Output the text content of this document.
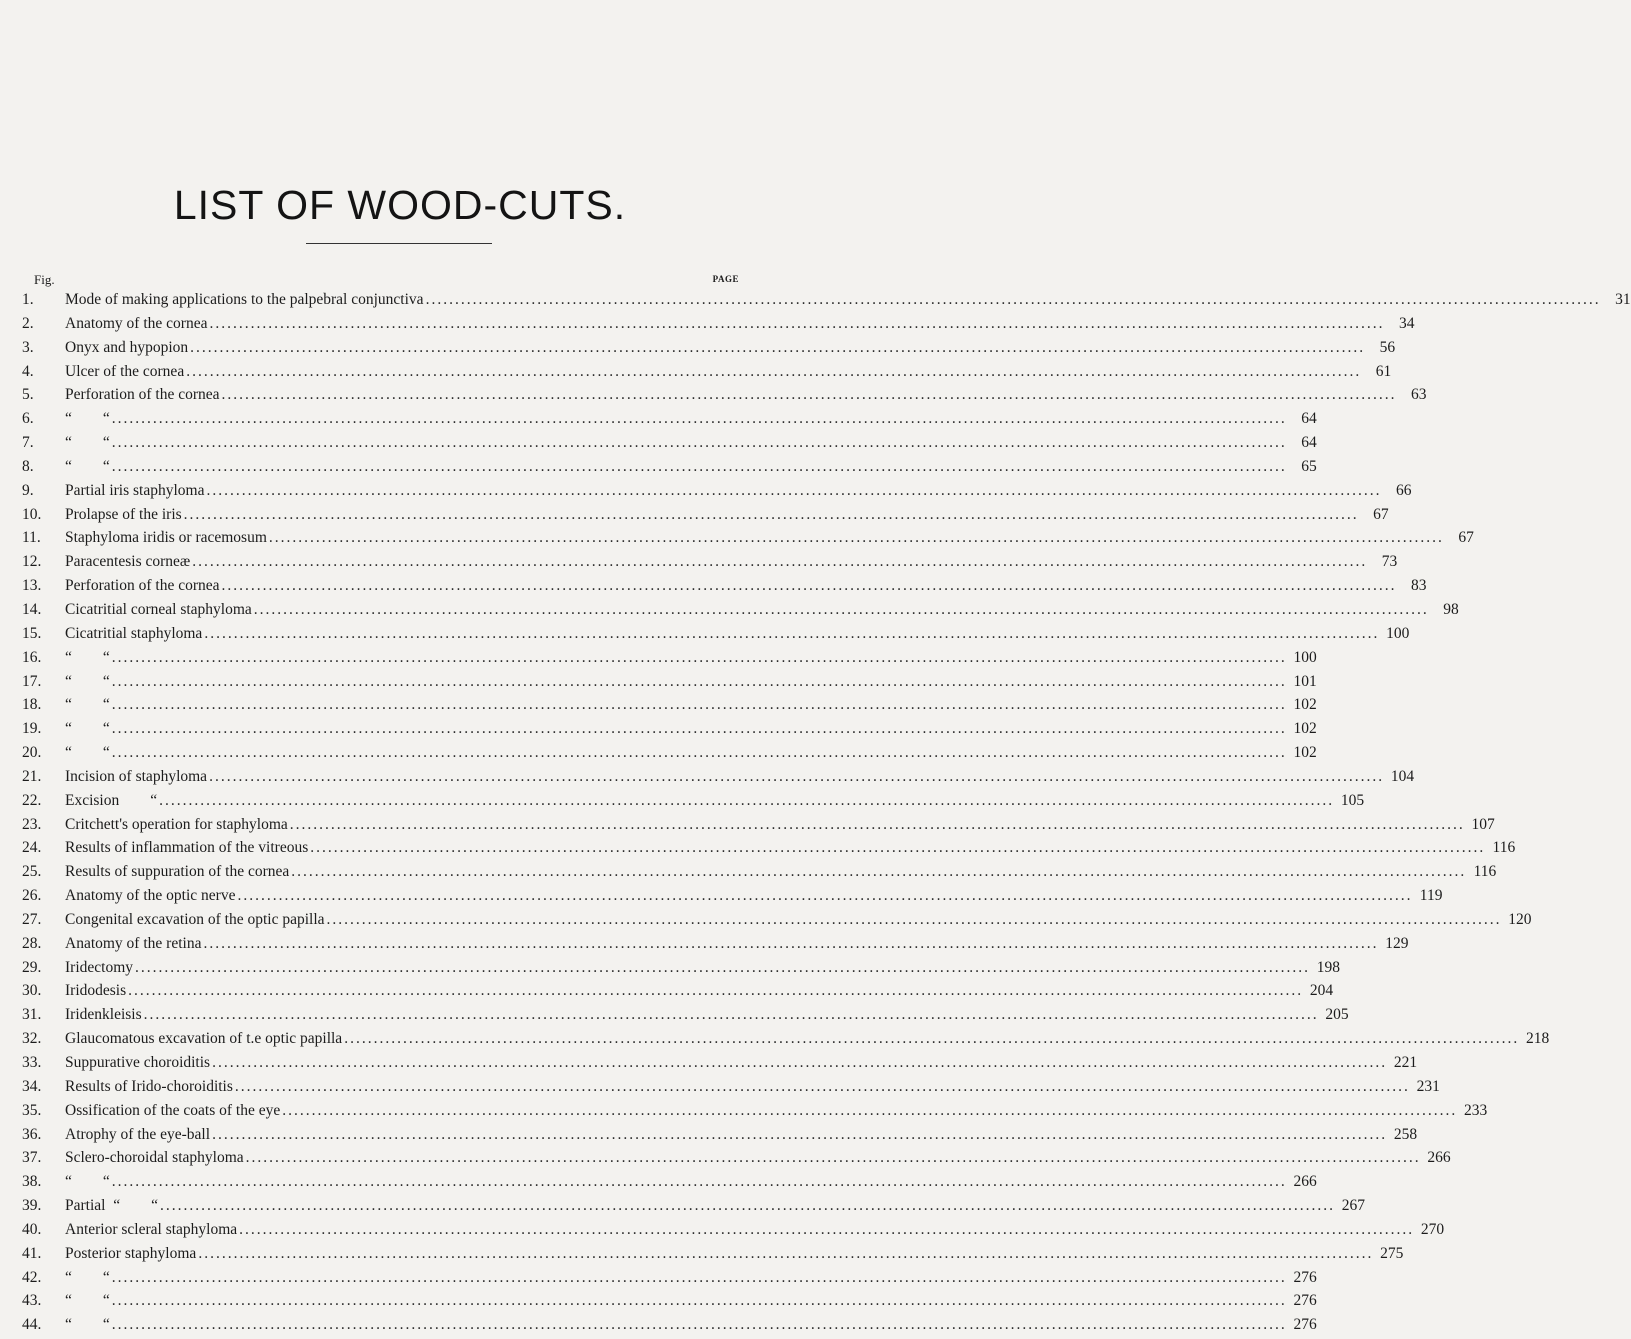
LIST OF WOOD-CUTS.
Fig.	PAGE
1.	Mode of making applications to the palpebral conjunctiva ........................................................................................................................................................................................................ 31
2.	Anatomy of the cornea ........................................................................................................................................................................................................ 34
3.	Onyx and hypopion ........................................................................................................................................................................................................ 56
4.	Ulcer of the cornea ........................................................................................................................................................................................................ 61
5.	Perforation of the cornea ........................................................................................................................................................................................................ 63
6.	“        “ ........................................................................................................................................................................................................ 64
7.	“        “ ........................................................................................................................................................................................................ 64
8.	“        “ ........................................................................................................................................................................................................ 65
9.	Partial iris staphyloma ........................................................................................................................................................................................................ 66
10.	Prolapse of the iris ........................................................................................................................................................................................................ 67
11.	Staphyloma iridis or racemosum ........................................................................................................................................................................................................ 67
12.	Paracentesis corneæ ........................................................................................................................................................................................................ 73
13.	Perforation of the cornea ........................................................................................................................................................................................................ 83
14.	Cicatritial corneal staphyloma ........................................................................................................................................................................................................ 98
15.	Cicatritial staphyloma ........................................................................................................................................................................................................ 100
16.	“        “ ........................................................................................................................................................................................................ 100
17.	“        “ ........................................................................................................................................................................................................ 101
18.	“        “ ........................................................................................................................................................................................................ 102
19.	“        “ ........................................................................................................................................................................................................ 102
20.	“        “ ........................................................................................................................................................................................................ 102
21.	Incision of staphyloma ........................................................................................................................................................................................................ 104
22.	Excision        “ ........................................................................................................................................................................................................ 105
23.	Critchett's operation for staphyloma ........................................................................................................................................................................................................ 107
24.	Results of inflammation of the vitreous ........................................................................................................................................................................................................ 116
25.	Results of suppuration of the cornea ........................................................................................................................................................................................................ 116
26.	Anatomy of the optic nerve ........................................................................................................................................................................................................ 119
27.	Congenital excavation of the optic papilla ........................................................................................................................................................................................................ 120
28.	Anatomy of the retina ........................................................................................................................................................................................................ 129
29.	Iridectomy ........................................................................................................................................................................................................ 198
30.	Iridodesis ........................................................................................................................................................................................................ 204
31.	Iridenkleisis ........................................................................................................................................................................................................ 205
32.	Glaucomatous excavation of t.e optic papilla ........................................................................................................................................................................................................ 218
33.	Suppurative choroiditis ........................................................................................................................................................................................................ 221
34.	Results of Irido-choroiditis ........................................................................................................................................................................................................ 231
35.	Ossification of the coats of the eye ........................................................................................................................................................................................................ 233
36.	Atrophy of the eye-ball ........................................................................................................................................................................................................ 258
37.	Sclero-choroidal staphyloma ........................................................................................................................................................................................................ 266
38.	“        “ ........................................................................................................................................................................................................ 266
39.	Partial  “        “ ........................................................................................................................................................................................................ 267
40.	Anterior scleral staphyloma ........................................................................................................................................................................................................ 270
41.	Posterior staphyloma ........................................................................................................................................................................................................ 275
42.	“        “ ........................................................................................................................................................................................................ 276
43.	“        “ ........................................................................................................................................................................................................ 276
44.	“        “ ........................................................................................................................................................................................................ 276
